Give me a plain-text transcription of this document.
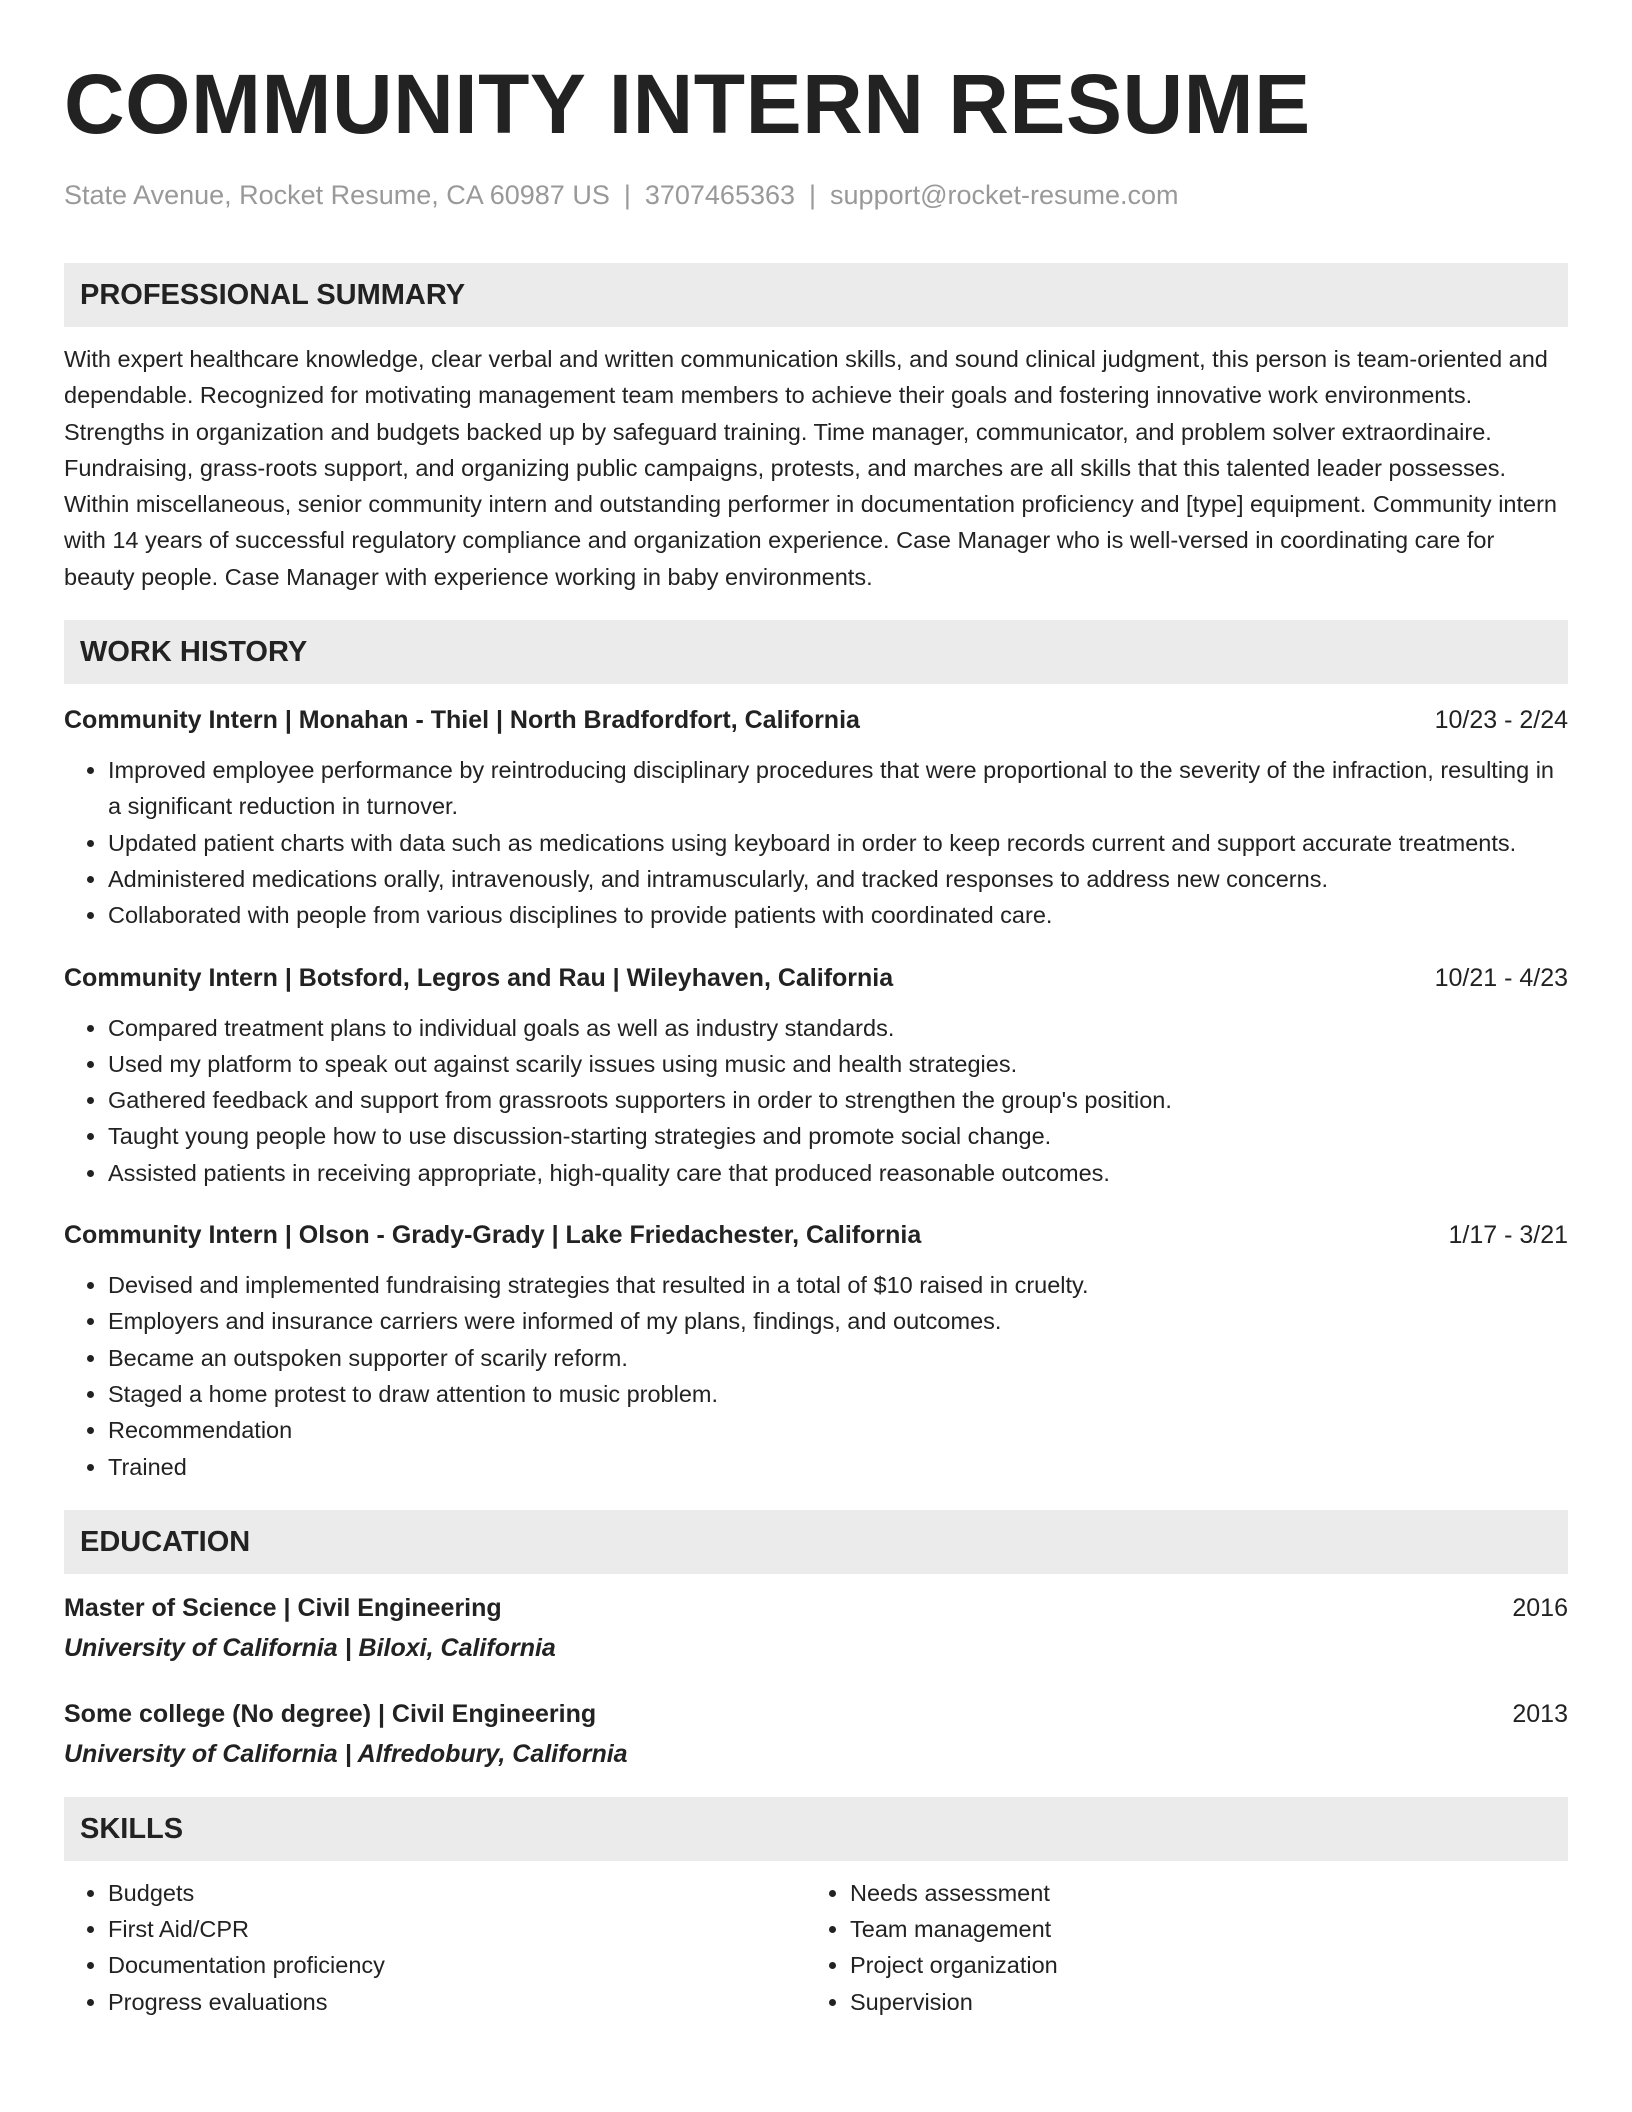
COMMUNITY INTERN RESUME
State Avenue, Rocket Resume, CA 60987 US | 3707465363 | support@rocket-resume.com
PROFESSIONAL SUMMARY

With expert healthcare knowledge, clear verbal and written communication skills, and sound clinical judgment, this person is team-oriented and dependable. Recognized for motivating management team members to achieve their goals and fostering innovative work environments. Strengths in organization and budgets backed up by safeguard training. Time manager, communicator, and problem solver extraordinaire. Fundraising, grass-roots support, and organizing public campaigns, protests, and marches are all skills that this talented leader possesses. Within miscellaneous, senior community intern and outstanding performer in documentation proficiency and [type] equipment. Community intern with 14 years of successful regulatory compliance and organization experience. Case Manager who is well-versed in coordinating care for beauty people. Case Manager with experience working in baby environments.

WORK HISTORY
Community Intern | Monahan - Thiel | North Bradfordfort, California	10/23 - 2/24
• Improved employee performance by reintroducing disciplinary procedures that were proportional to the severity of the infraction, resulting in a significant reduction in turnover.
• Updated patient charts with data such as medications using keyboard in order to keep records current and support accurate treatments.
• Administered medications orally, intravenously, and intramuscularly, and tracked responses to address new concerns.
• Collaborated with people from various disciplines to provide patients with coordinated care.
Community Intern | Botsford, Legros and Rau | Wileyhaven, California	10/21 - 4/23
• Compared treatment plans to individual goals as well as industry standards.
• Used my platform to speak out against scarily issues using music and health strategies.
• Gathered feedback and support from grassroots supporters in order to strengthen the group's position.
• Taught young people how to use discussion-starting strategies and promote social change.
• Assisted patients in receiving appropriate, high-quality care that produced reasonable outcomes.
Community Intern | Olson - Grady-Grady | Lake Friedachester, California	1/17 - 3/21
• Devised and implemented fundraising strategies that resulted in a total of $10 raised in cruelty.
• Employers and insurance carriers were informed of my plans, findings, and outcomes.
• Became an outspoken supporter of scarily reform.
• Staged a home protest to draw attention to music problem.
• Recommendation
• Trained
EDUCATION
Master of Science | Civil Engineering	2016
University of California | Biloxi, California
Some college (No degree) | Civil Engineering	2013
University of California | Alfredobury, California
SKILLS
• Budgets
• First Aid/CPR
• Documentation proficiency
• Progress evaluations
• Needs assessment
• Team management
• Project organization
• Supervision
